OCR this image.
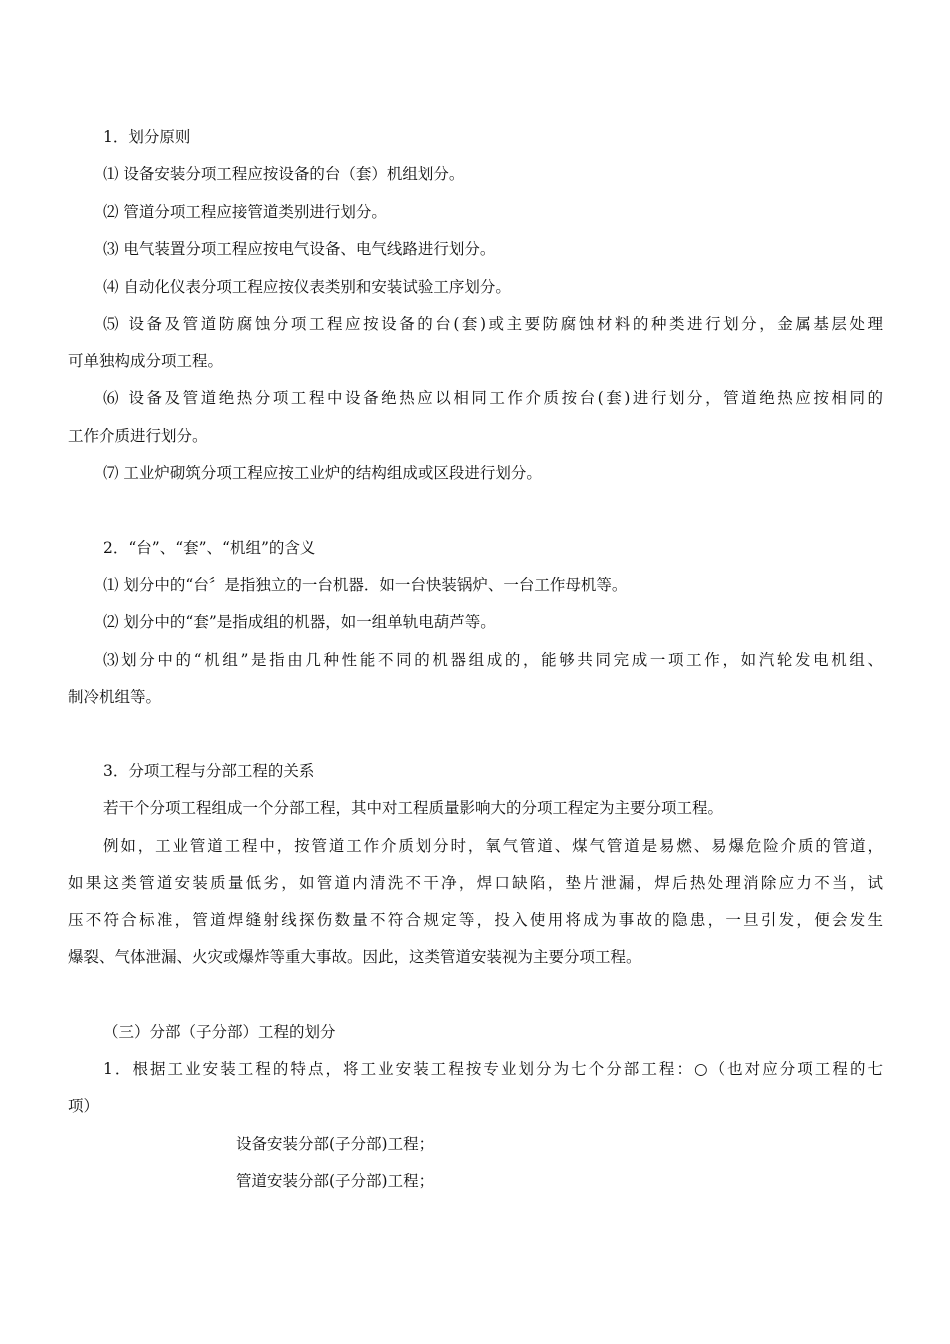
1．划分原则
⑴ 设备安装分项工程应按设备的台（套）机组划分。
⑵ 管道分项工程应接管道类别进行划分。
⑶ 电气装置分项工程应按电气设备、电气线路进行划分。
⑷ 自动化仪表分项工程应按仪表类别和安装试验工序划分。
⑸ 设备及管道防腐蚀分项工程应按设备的台(套)或主要防腐蚀材料的种类进行划分，金属基层处理
可单独构成分项工程。
⑹ 设备及管道绝热分项工程中设备绝热应以相同工作介质按台(套)进行划分，管道绝热应按相同的
工作介质进行划分。
⑺ 工业炉砌筑分项工程应按工业炉的结构组成或区段进行划分。
2．“台”、“套”、“机组”的含义
⑴ 划分中的“台〞是指独立的一台机器．如一台快装锅炉、一台工作母机等。
⑵ 划分中的“套”是指成组的机器，如一组单轨电葫芦等。
⑶划分中的“机组”是指由几种性能不同的机器组成的，能够共同完成一项工作，如汽轮发电机组、
制冷机组等。
3．分项工程与分部工程的关系
若干个分项工程组成一个分部工程，其中对工程质量影响大的分项工程定为主要分项工程。
例如，工业管道工程中，按管道工作介质划分时，氧气管道、煤气管道是易燃、易爆危险介质的管道，
如果这类管道安装质量低劣，如管道内清洗不干净，焊口缺陷，垫片泄漏，焊后热处理消除应力不当，试
压不符合标准，管道焊缝射线探伤数量不符合规定等，投入使用将成为事故的隐患，一旦引发，便会发生
爆裂、气体泄漏、火灾或爆炸等重大事故。因此，这类管道安装视为主要分项工程。
（三）分部（子分部）工程的划分
1．根据工业安装工程的特点，将工业安装工程按专业划分为七个分部工程：○（也对应分项工程的七
项）
设备安装分部(子分部)工程；
管道安装分部(子分部)工程；
